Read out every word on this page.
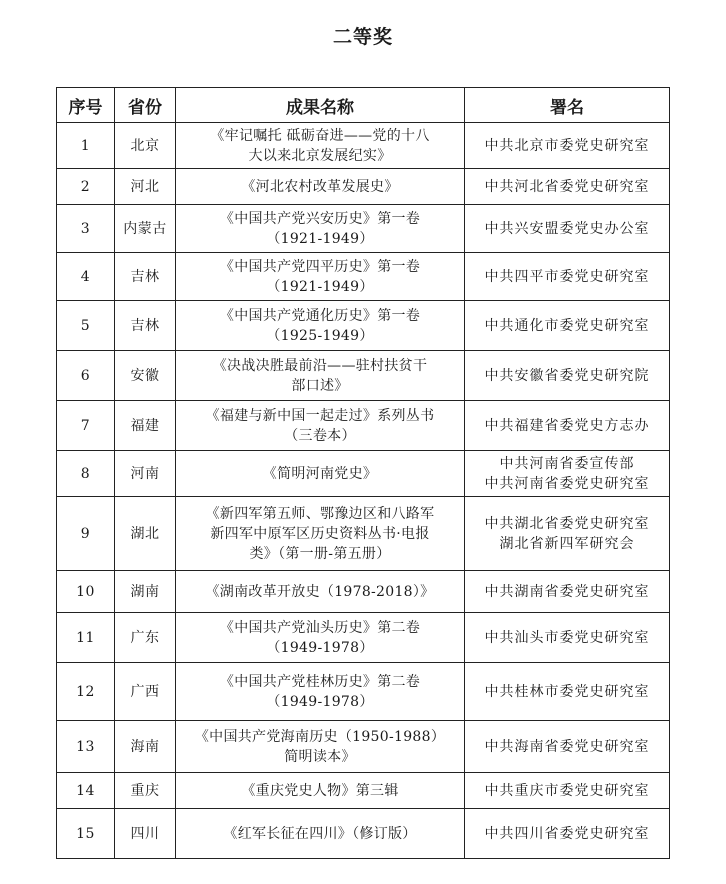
二等奖
序号	省份	成果名称	署名
1	北京	《牢记嘱托 砥砺奋进——党的十八
大以来北京发展纪实》	中共北京市委党史研究室

2	河北	《河北农村改革发展史》	中共河北省委党史研究室

3	内蒙古	《中国共产党兴安历史》第一卷
（1921-1949）	中共兴安盟委党史办公室

4	吉林	《中国共产党四平历史》第一卷
（1921-1949）	中共四平市委党史研究室

5	吉林	《中国共产党通化历史》第一卷
（1925-1949）	中共通化市委党史研究室

6	安徽	《决战决胜最前沿——驻村扶贫干
部口述》	中共安徽省委党史研究院

7	福建	《福建与新中国一起走过》系列丛书
（三卷本）	中共福建省委党史方志办

8	河南	《简明河南党史》	中共河南省委宣传部
中共河南省委党史研究室

9	湖北	《新四军第五师、鄂豫边区和八路军
新四军中原军区历史资料丛书·电报
类》（第一册-第五册）	中共湖北省委党史研究室
湖北省新四军研究会

10	湖南	《湖南改革开放史（1978-2018）》	中共湖南省委党史研究室

11	广东	《中国共产党汕头历史》第二卷
（1949-1978）	中共汕头市委党史研究室

12	广西	《中国共产党桂林历史》第二卷
（1949-1978）	中共桂林市委党史研究室

13	海南	《中国共产党海南历史（1950-1988）
简明读本》	中共海南省委党史研究室

14	重庆	《重庆党史人物》第三辑	中共重庆市委党史研究室

15	四川	《红军长征在四川》（修订版）	中共四川省委党史研究室
